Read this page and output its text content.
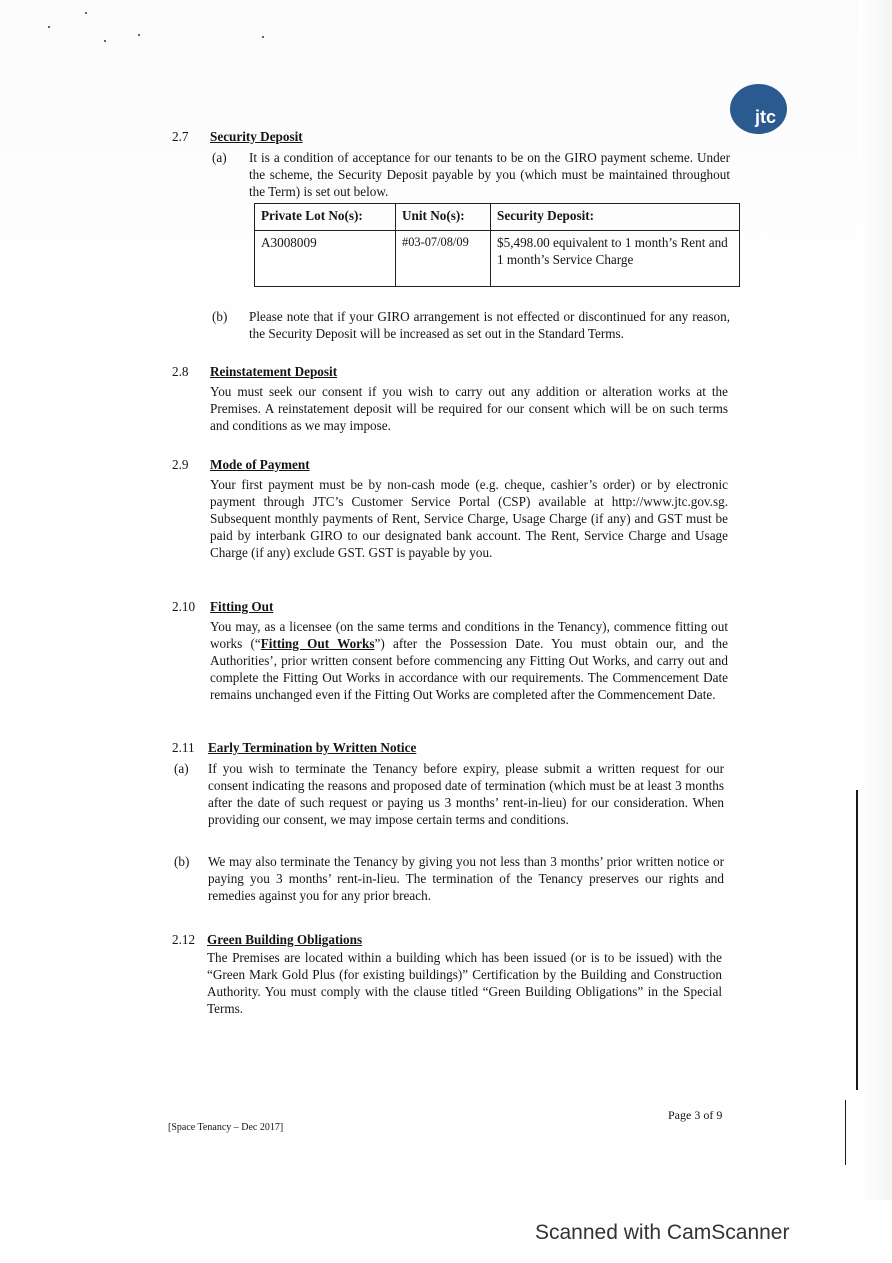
jtc
2.7 Security Deposit
(a) It is a condition of acceptance for our tenants to be on the GIRO payment scheme. Under the scheme, the Security Deposit payable by you (which must be maintained throughout the Term) is set out below.
Private Lot No(s):	Unit No(s):	Security Deposit:
A3008009	#03-07/08/09	$5,498.00 equivalent to 1 month’s Rent and 1 month’s Service Charge
(b) Please note that if your GIRO arrangement is not effected or discontinued for any reason, the Security Deposit will be increased as set out in the Standard Terms.
2.8 Reinstatement Deposit
You must seek our consent if you wish to carry out any addition or alteration works at the Premises. A reinstatement deposit will be required for our consent which will be on such terms and conditions as we may impose.
2.9 Mode of Payment
Your first payment must be by non-cash mode (e.g. cheque, cashier’s order) or by electronic payment through JTC’s Customer Service Portal (CSP) available at http://www.jtc.gov.sg. Subsequent monthly payments of Rent, Service Charge, Usage Charge (if any) and GST must be paid by interbank GIRO to our designated bank account. The Rent, Service Charge and Usage Charge (if any) exclude GST. GST is payable by you.
2.10 Fitting Out
You may, as a licensee (on the same terms and conditions in the Tenancy), commence fitting out works (“Fitting Out Works”) after the Possession Date. You must obtain our, and the Authorities’, prior written consent before commencing any Fitting Out Works, and carry out and complete the Fitting Out Works in accordance with our requirements. The Commencement Date remains unchanged even if the Fitting Out Works are completed after the Commencement Date.
2.11 Early Termination by Written Notice
(a) If you wish to terminate the Tenancy before expiry, please submit a written request for our consent indicating the reasons and proposed date of termination (which must be at least 3 months after the date of such request or paying us 3 months’ rent-in-lieu) for our consideration. When providing our consent, we may impose certain terms and conditions.
(b) We may also terminate the Tenancy by giving you not less than 3 months’ prior written notice or paying you 3 months’ rent-in-lieu. The termination of the Tenancy preserves our rights and remedies against you for any prior breach.
2.12 Green Building Obligations
The Premises are located within a building which has been issued (or is to be issued) with the “Green Mark Gold Plus (for existing buildings)” Certification by the Building and Construction Authority. You must comply with the clause titled “Green Building Obligations” in the Special Terms.
Page 3 of 9
[Space Tenancy – Dec 2017]
Scanned with CamScanner
